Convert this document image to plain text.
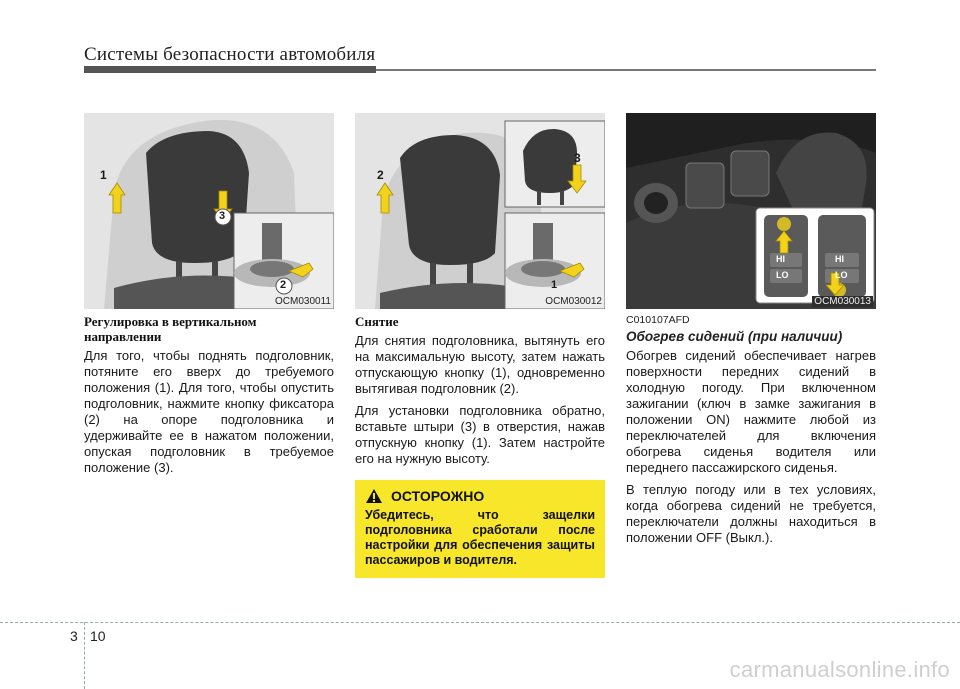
Системы безопасности автомобиля
1
2
3
OCM030011
2
3
1
OCM030012
HI
LO
HI
LO
OCM030013
Регулировка в вертикальном
направлении

Для того, чтобы поднять подголовник, потяните его вверх до требуемого положения (1). Для того, чтобы опустить подголовник, нажмите кнопку фиксатора (2) на опоре подголовника и удерживайте ее в нажатом положении, опуская подголовник в требуемое положение (3).

Снятие

Для снятия подголовника, вытянуть его на максимальную высоту, затем нажать отпускающую кнопку (1), одновременно вытягивая подголовник (2).

Для установки подголовника обратно, вставьте штыри (3) в отверстия, нажав отпускную кнопку (1). Затем настройте его на нужную высоту.

ОСТОРОЖНО
Убедитесь, что защелки подголовника сработали после настройки для обеспечения защиты пассажиров и водителя.
C010107AFD
Обогрев сидений (при наличии)

Обогрев сидений обеспечивает нагрев поверхности передних сидений в холодную погоду. При включенном зажигании (ключ в замке зажигания в положении ON) нажмите любой из переключателей для включения обогрева сиденья водителя или переднего пассажирского сиденья.

В теплую погоду или в тех условиях, когда обогрева сидений не требуется, переключатели должны находиться в положении OFF (Выкл.).

3 10
carmanualsonline.info
